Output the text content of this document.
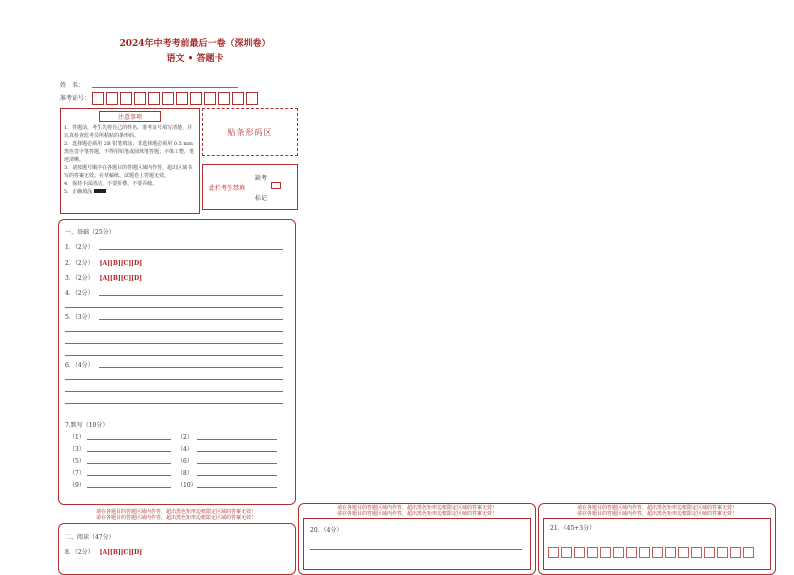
2024年中考考前最后一卷（深圳卷）
语文 • 答题卡
姓　名：
准考证号：
注意事项
1．答题前，考生先将自己的姓名、准考证号填写清楚，并认真检查监考员所粘贴的条形码。
2．选择题必须用 2B 铅笔填涂；非选择题必须用 0.5 mm 黑色签字笔答题，不得用铅笔或圆珠笔答题；字体工整、笔迹清晰。
3．请按题号顺序在各题目的答题区域内作答，超出区域书写的答案无效；在草稿纸、试题卷上答题无效。
4．保持卡面清洁，不要折叠、不要弄破。
5．正确填涂
贴条形码区
缺考
此栏考生禁填
标记
一、基础（25分）
1．（2分）
2．（2分） [A][B][C][D]
3．（2分） [A][B][C][D]
4．（2分）
5．（3分）
6．（4分）
7.默写（10分）
（1）	（2）
（3）	（4）
（5）	（6）
（7）	（8）
（9）	（10）
请在各题目的答题区域内作答，超出黑色矩形边框限定区域的答案无效！
请在各题目的答题区域内作答，超出黑色矩形边框限定区域的答案无效！
二、阅读（47分）
8．（2分） [A][B][C][D]
请在各题目的答题区域内作答，超出黑色矩形边框限定区域的答案无效！
请在各题目的答题区域内作答，超出黑色矩形边框限定区域的答案无效！
20．（4分）
请在各题目的答题区域内作答，超出黑色矩形边框限定区域的答案无效！
请在各题目的答题区域内作答，超出黑色矩形边框限定区域的答案无效！
21．（45+3分）
